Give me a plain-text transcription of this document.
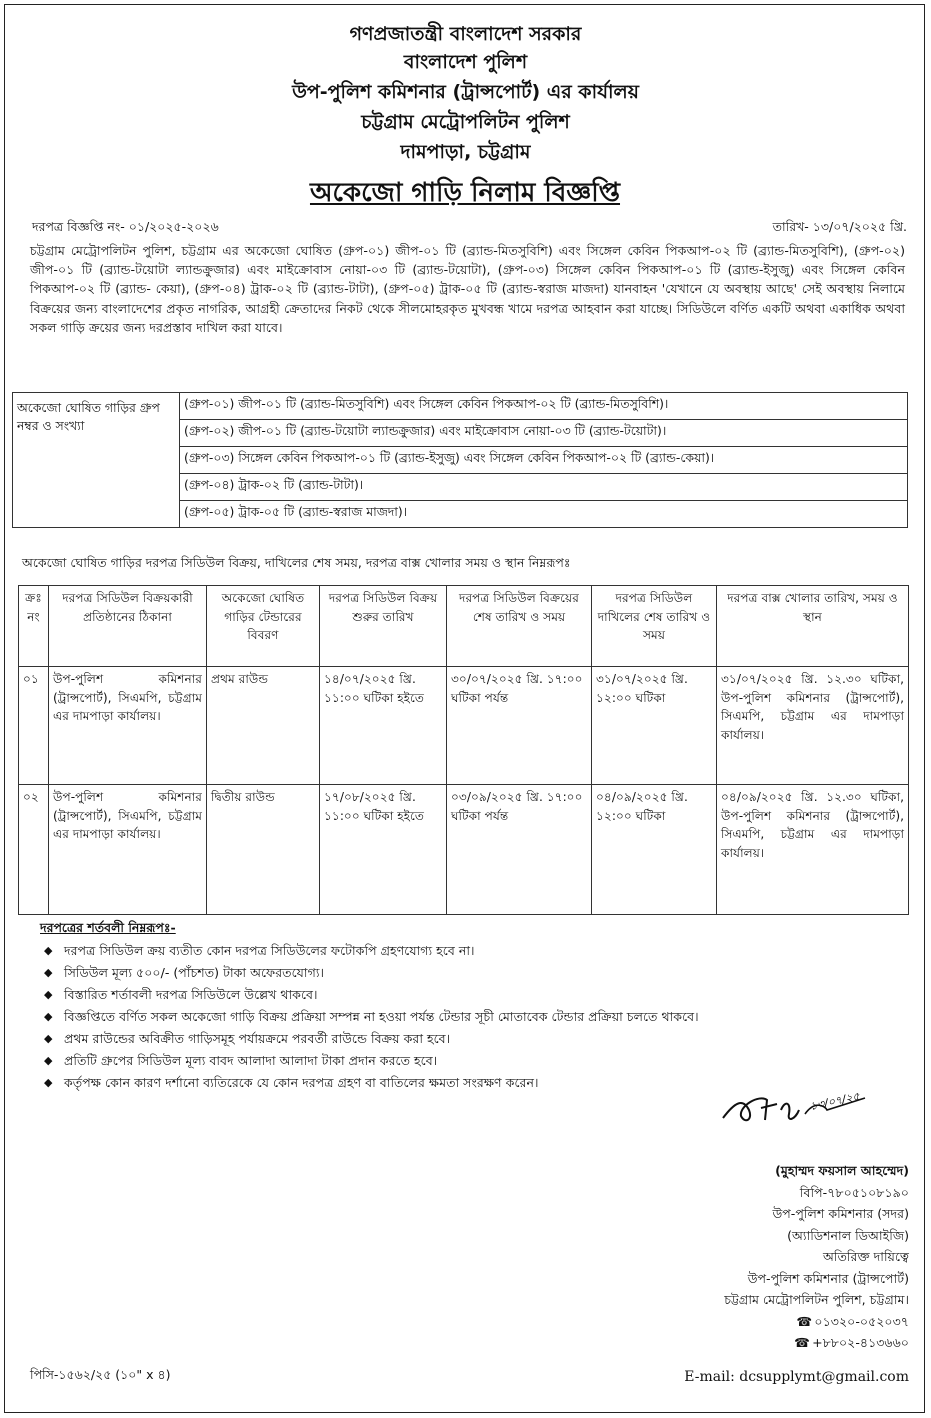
গণপ্রজাতন্ত্রী বাংলাদেশ সরকার
বাংলাদেশ পুলিশ
উপ-পুলিশ কমিশনার (ট্রান্সপোর্ট) এর কার্যালয়
চট্টগ্রাম মেট্রোপলিটন পুলিশ
দামপাড়া, চট্টগ্রাম
অকেজো গাড়ি নিলাম বিজ্ঞপ্তি
দরপত্র বিজ্ঞপ্তি নং- ০১/২০২৫-২০২৬	তারিখ- ১৩/০৭/২০২৫ খ্রি.
চট্টগ্রাম মেট্রোপলিটন পুলিশ, চট্টগ্রাম এর অকেজো ঘোষিত (গ্রুপ-০১) জীপ-০১ টি (ব্র্যান্ড-মিতসুবিশি) এবং সিঙ্গেল কেবিন পিকআপ-০২ টি (ব্র্যান্ড-মিতসুবিশি), (গ্রুপ-০২) জীপ-০১ টি (ব্র্যান্ড-টয়োটা ল্যান্ডক্রুজার) এবং মাইক্রোবাস নোয়া-০৩ টি (ব্র্যান্ড-টয়োটা), (গ্রুপ-০৩) সিঙ্গেল কেবিন পিকআপ-০১ টি (ব্র্যান্ড-ইসুজু) এবং সিঙ্গেল কেবিন পিকআপ-০২ টি (ব্র্যান্ড- কেয়া), (গ্রুপ-০৪) ট্রাক-০২ টি (ব্র্যান্ড-টাটা), (গ্রুপ-০৫) ট্রাক-০৫ টি (ব্র্যান্ড-স্বরাজ মাজদা) যানবাহন 'যেখানে যে অবস্থায় আছে' সেই অবস্থায় নিলামে বিক্রয়ের জন্য বাংলাদেশের প্রকৃত নাগরিক, আগ্রহী ক্রেতাদের নিকট থেকে সীলমোহরকৃত মুখবন্ধ খামে দরপত্র আহবান করা যাচ্ছে। সিডিউলে বর্ণিত একটি অথবা একাধিক অথবা সকল গাড়ি ক্রয়ের জন্য দরপ্রস্তাব দাখিল করা যাবে।
অকেজো ঘোষিত গাড়ির গ্রুপ নম্বর ও সংখ্যা	(গ্রুপ-০১) জীপ-০১ টি (ব্র্যান্ড-মিতসুবিশি) এবং সিঙ্গেল কেবিন পিকআপ-০২ টি (ব্র্যান্ড-মিতসুবিশি)।
(গ্রুপ-০২) জীপ-০১ টি (ব্র্যান্ড-টয়োটা ল্যান্ডক্রুজার) এবং মাইক্রোবাস নোয়া-০৩ টি (ব্র্যান্ড-টয়োটা)।
(গ্রুপ-০৩) সিঙ্গেল কেবিন পিকআপ-০১ টি (ব্র্যান্ড-ইসুজু) এবং সিঙ্গেল কেবিন পিকআপ-০২ টি (ব্র্যান্ড-কেয়া)।
(গ্রুপ-০৪) ট্রাক-০২ টি (ব্র্যান্ড-টাটা)।
(গ্রুপ-০৫) ট্রাক-০৫ টি (ব্র্যান্ড-স্বরাজ মাজদা)।
অকেজো ঘোষিত গাড়ির দরপত্র সিডিউল বিক্রয়, দাখিলের শেষ সময়, দরপত্র বাক্স খোলার সময় ও স্থান নিম্নরূপঃ
ক্রঃ নং	দরপত্র সিডিউল বিক্রয়কারী প্রতিষ্ঠানের ঠিকানা	অকেজো ঘোষিত গাড়ির টেন্ডারের বিবরণ	দরপত্র সিডিউল বিক্রয় শুরুর তারিখ	দরপত্র সিডিউল বিক্রয়ের শেষ তারিখ ও সময়	দরপত্র সিডিউল দাখিলের শেষ তারিখ ও সময়	দরপত্র বাক্স খোলার তারিখ, সময় ও স্থান
০১	উপ-পুলিশ কমিশনার (ট্রান্সপোর্ট), সিএমপি, চট্টগ্রাম এর দামপাড়া কার্যালয়।	প্রথম রাউন্ড	১৪/০৭/২০২৫ খ্রি. ১১:০০ ঘটিকা হইতে	৩০/০৭/২০২৫ খ্রি. ১৭:০০ ঘটিকা পর্যন্ত	৩১/০৭/২০২৫ খ্রি. ১২:০০ ঘটিকা	৩১/০৭/২০২৫ খ্রি. ১২.৩০ ঘটিকা, উপ-পুলিশ কমিশনার (ট্রান্সপোর্ট), সিএমপি, চট্টগ্রাম এর দামপাড়া কার্যালয়।
০২	উপ-পুলিশ কমিশনার (ট্রান্সপোর্ট), সিএমপি, চট্টগ্রাম এর দামপাড়া কার্যালয়।	দ্বিতীয় রাউন্ড	১৭/০৮/২০২৫ খ্রি. ১১:০০ ঘটিকা হইতে	০৩/০৯/২০২৫ খ্রি. ১৭:০০ ঘটিকা পর্যন্ত	০৪/০৯/২০২৫ খ্রি. ১২:০০ ঘটিকা	০৪/০৯/২০২৫ খ্রি. ১২.৩০ ঘটিকা, উপ-পুলিশ কমিশনার (ট্রান্সপোর্ট), সিএমপি, চট্টগ্রাম এর দামপাড়া কার্যালয়।
দরপত্রের শর্তবলী নিম্নরূপঃ-
◆ দরপত্র সিডিউল ক্রয় ব্যতীত কোন দরপত্র সিডিউলের ফটোকপি গ্রহণযোগ্য হবে না।
◆ সিডিউল মূল্য ৫০০/- (পাঁচশত) টাকা অফেরতযোগ্য।
◆ বিস্তারিত শর্তাবলী দরপত্র সিডিউলে উল্লেখ থাকবে।
◆ বিজ্ঞপ্তিতে বর্ণিত সকল অকেজো গাড়ি বিক্রয় প্রক্রিয়া সম্পন্ন না হওয়া পর্যন্ত টেন্ডার সূচী মোতাবেক টেন্ডার প্রক্রিয়া চলতে থাকবে।
◆ প্রথম রাউন্ডের অবিক্রীত গাড়িসমূহ পর্যায়ক্রমে পরবর্তী রাউন্ডে বিক্রয় করা হবে।
◆ প্রতিটি গ্রুপের সিডিউল মূল্য বাবদ আলাদা আলাদা টাকা প্রদান করতে হবে।
◆ কর্তৃপক্ষ কোন কারণ দর্শানো ব্যতিরেকে যে কোন দরপত্র গ্রহণ বা বাতিলের ক্ষমতা সংরক্ষণ করেন।
১৩/০৭/২৫
(মুহাম্মদ ফয়সাল আহম্মেদ)
বিপি-৭৮০৫১০৮১৯০
উপ-পুলিশ কমিশনার (সদর)
(অ্যাডিশনাল ডিআইজি)
অতিরিক্ত দায়িত্বে
উপ-পুলিশ কমিশনার (ট্রান্সপোর্ট)
চট্টগ্রাম মেট্রোপলিটন পুলিশ, চট্টগ্রাম।
☎ ০১৩২০-০৫২০৩৭
☎ +৮৮০২-৪১৩৬৬০
পিসি-১৫৬২/২৫ (১০" x ৪)	E-mail: dcsupplymt@gmail.com
